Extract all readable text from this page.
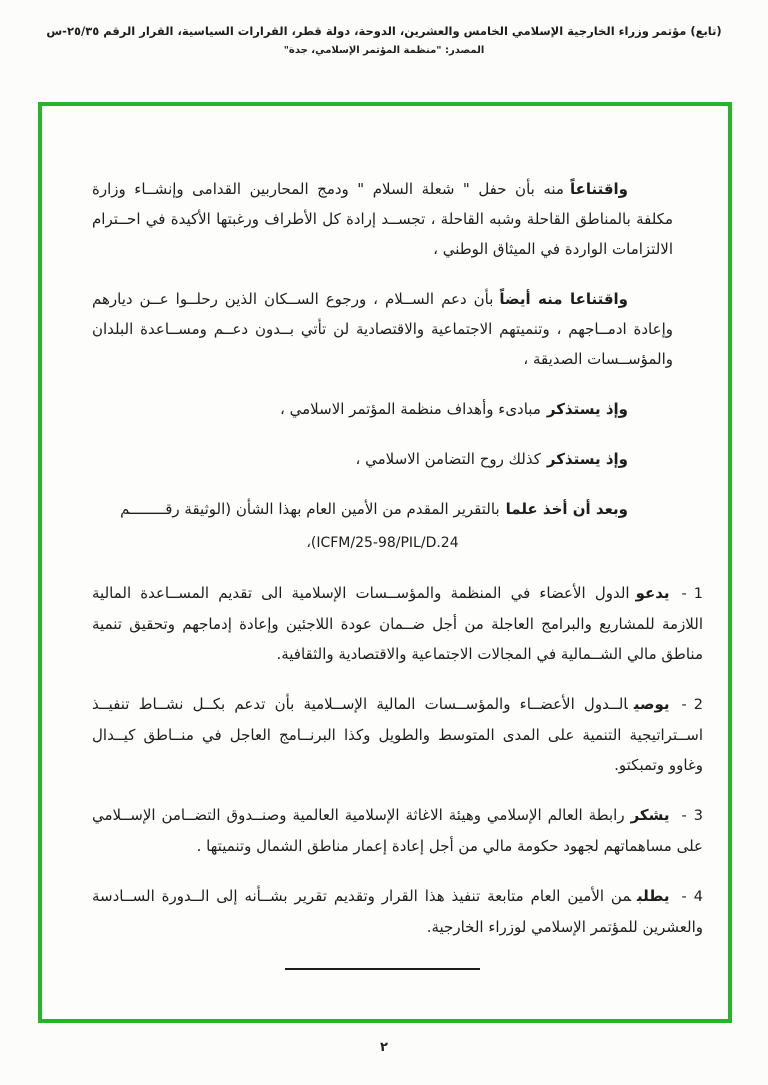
(تابع) مؤتمر وزراء الخارجية الإسلامي الخامس والعشرين، الدوحة، دولة قطر، القرارات السياسية، القرار الرقم ٢٥/٣٥-س
المصدر: "منظمة المؤتمر الإسلامي، جدة"

واقتناعاًمنه بأن حفل " شعلة السلام " ودمج المحاربين القدامى وإنشــاء وزارة مكلفة بالمناطق القاحلة وشبه القاحلة ، تجســد إرادة كل الأطراف ورغبتها الأكيدة في احــترام الالتزامات الواردة في الميثاق الوطني ،

واقتناعا منه أيضاًبأن دعم الســلام ، ورجوع الســكان الذين رحلــوا عــن ديارهم وإعادة ادمــاجهم ، وتنميتهم الاجتماعية والاقتصادية لن تأتي بــدون دعــم ومســاعدة البلدان والمؤســسات الصديقة ،

وإذ يستذكرمبادىء وأهداف منظمة المؤتمر الاسلامي ،

وإذ يستذكركذلك روح التضامن الاسلامي ،

وبعد أن أخذ علمابالتقرير المقدم من الأمين العام بهذا الشأن (الوثيقة رقــــــــم

،(ICFM/25-98/PIL/D.24

- 1يدعوالدول الأعضاء في المنظمة والمؤســسات الإسلامية الى تقديم المســاعدة المالية اللازمة للمشاريع والبرامج العاجلة من أجل ضــمان عودة اللاجئين وإعادة إدماجهم وتحقيق تنمية مناطق مالي الشــمالية في المجالات الاجتماعية والاقتصادية والثقافية.

- 2يوصيالــدول الأعضــاء والمؤســسات المالية الإســلامية بأن تدعم بكــل نشــاط تنفيــذ اســتراتيجية التنمية على المدى المتوسط والطويل وكذا البرنــامج العاجل في منــاطق كيــدال وغاوو وتمبكتو.

- 3يشكررابطة العالم الإسلامي وهيئة الاغاثة الإسلامية العالمية وصنــدوق التضــامن الإســلامي على مساهماتهم لجهود حكومة مالي من أجل إعادة إعمار مناطق الشمال وتنميتها .

- 4يطلبمن الأمين العام متابعة تنفيذ هذا القرار وتقديم تقرير بشــأنه إلى الــدورة الســادسة والعشرين للمؤتمر الإسلامي لوزراء الخارجية.

٢
